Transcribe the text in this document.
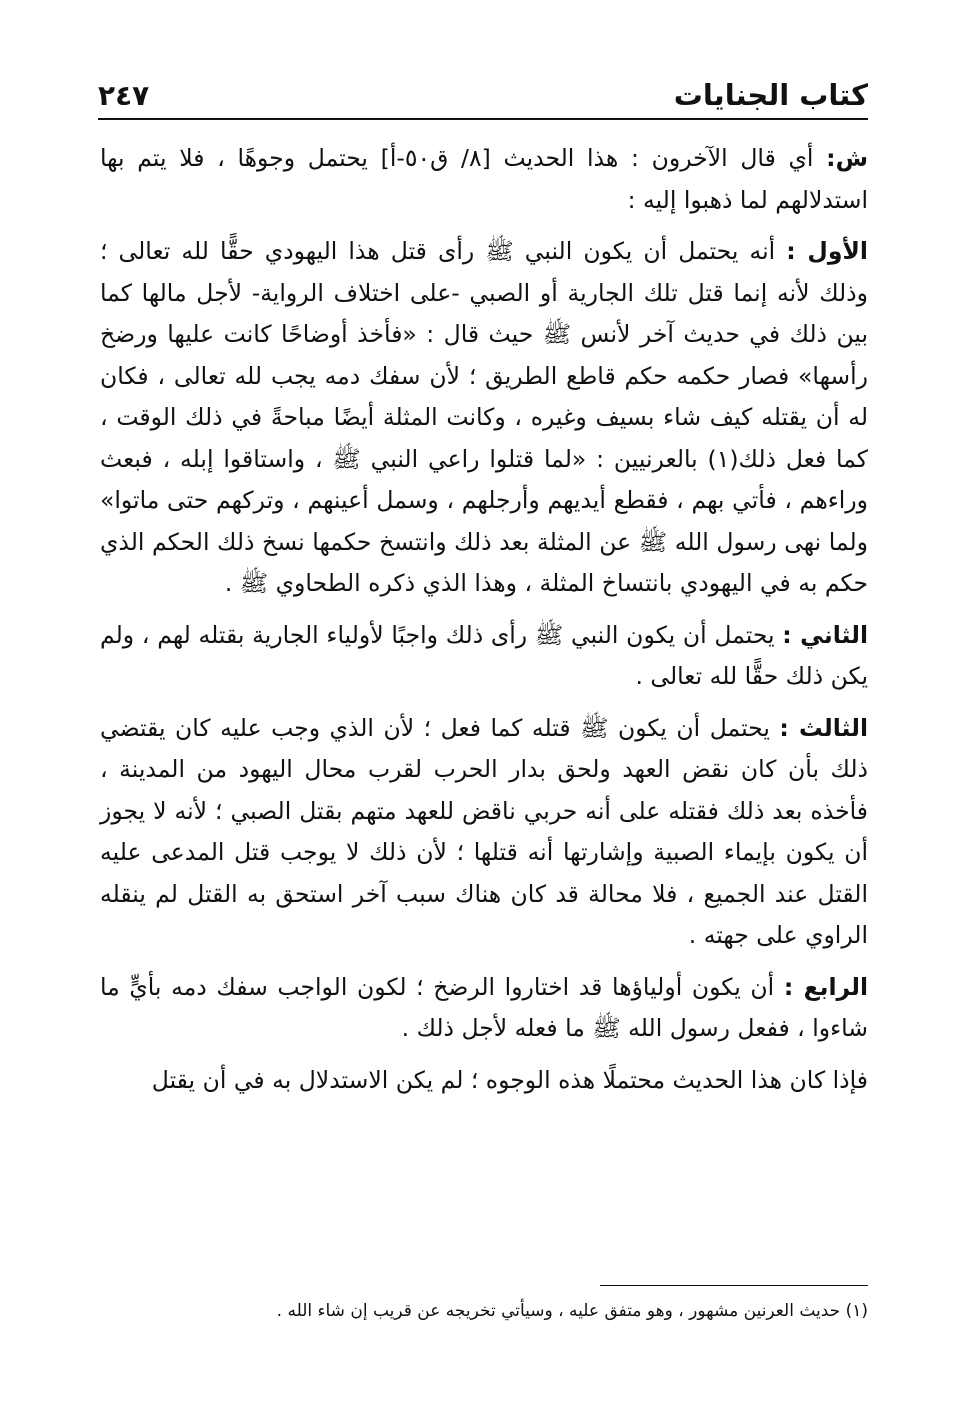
كتاب الجنايات
٢٤٧

ش: أي قال الآخرون : هذا الحديث [٨/ ق٥٠-أ] يحتمل وجوهًا ، فلا يتم بها استدلالهم لما ذهبوا إليه :

الأول : أنه يحتمل أن يكون النبي ﷺ رأى قتل هذا اليهودي حقًّا لله تعالى ؛ وذلك لأنه إنما قتل تلك الجارية أو الصبي -على اختلاف الرواية- لأجل مالها كما بين ذلك في حديث آخر لأنس ﷺ حيث قال : «فأخذ أوضاحًا كانت عليها ورضخ رأسها» فصار حكمه حكم قاطع الطريق ؛ لأن سفك دمه يجب لله تعالى ، فكان له أن يقتله كيف شاء بسيف وغيره ، وكانت المثلة أيضًا مباحةً في ذلك الوقت ، كما فعل ذلك(١) بالعرنيين : «لما قتلوا راعي النبي ﷺ ، واستاقوا إبله ، فبعث وراءهم ، فأتي بهم ، فقطع أيديهم وأرجلهم ، وسمل أعينهم ، وتركهم حتى ماتوا» ولما نهى رسول الله ﷺ عن المثلة بعد ذلك وانتسخ حكمها نسخ ذلك الحكم الذي حكم به في اليهودي بانتساخ المثلة ، وهذا الذي ذكره الطحاوي ﷺ .

الثاني : يحتمل أن يكون النبي ﷺ رأى ذلك واجبًا لأولياء الجارية بقتله لهم ، ولم يكن ذلك حقًّا لله تعالى .

الثالث : يحتمل أن يكون ﷺ قتله كما فعل ؛ لأن الذي وجب عليه كان يقتضي ذلك بأن كان نقض العهد ولحق بدار الحرب لقرب محال اليهود من المدينة ، فأخذه بعد ذلك فقتله على أنه حربي ناقض للعهد متهم بقتل الصبي ؛ لأنه لا يجوز أن يكون بإيماء الصبية وإشارتها أنه قتلها ؛ لأن ذلك لا يوجب قتل المدعى عليه القتل عند الجميع ، فلا محالة قد كان هناك سبب آخر استحق به القتل لم ينقله الراوي على جهته .

الرابع : أن يكون أولياؤها قد اختاروا الرضخ ؛ لكون الواجب سفك دمه بأيٍّ ما شاءوا ، ففعل رسول الله ﷺ ما فعله لأجل ذلك .

فإذا كان هذا الحديث محتملًا هذه الوجوه ؛ لم يكن الاستدلال به في أن يقتل

(١) حديث العرنين مشهور ، وهو متفق عليه ، وسيأتي تخريجه عن قريب إن شاء الله .
